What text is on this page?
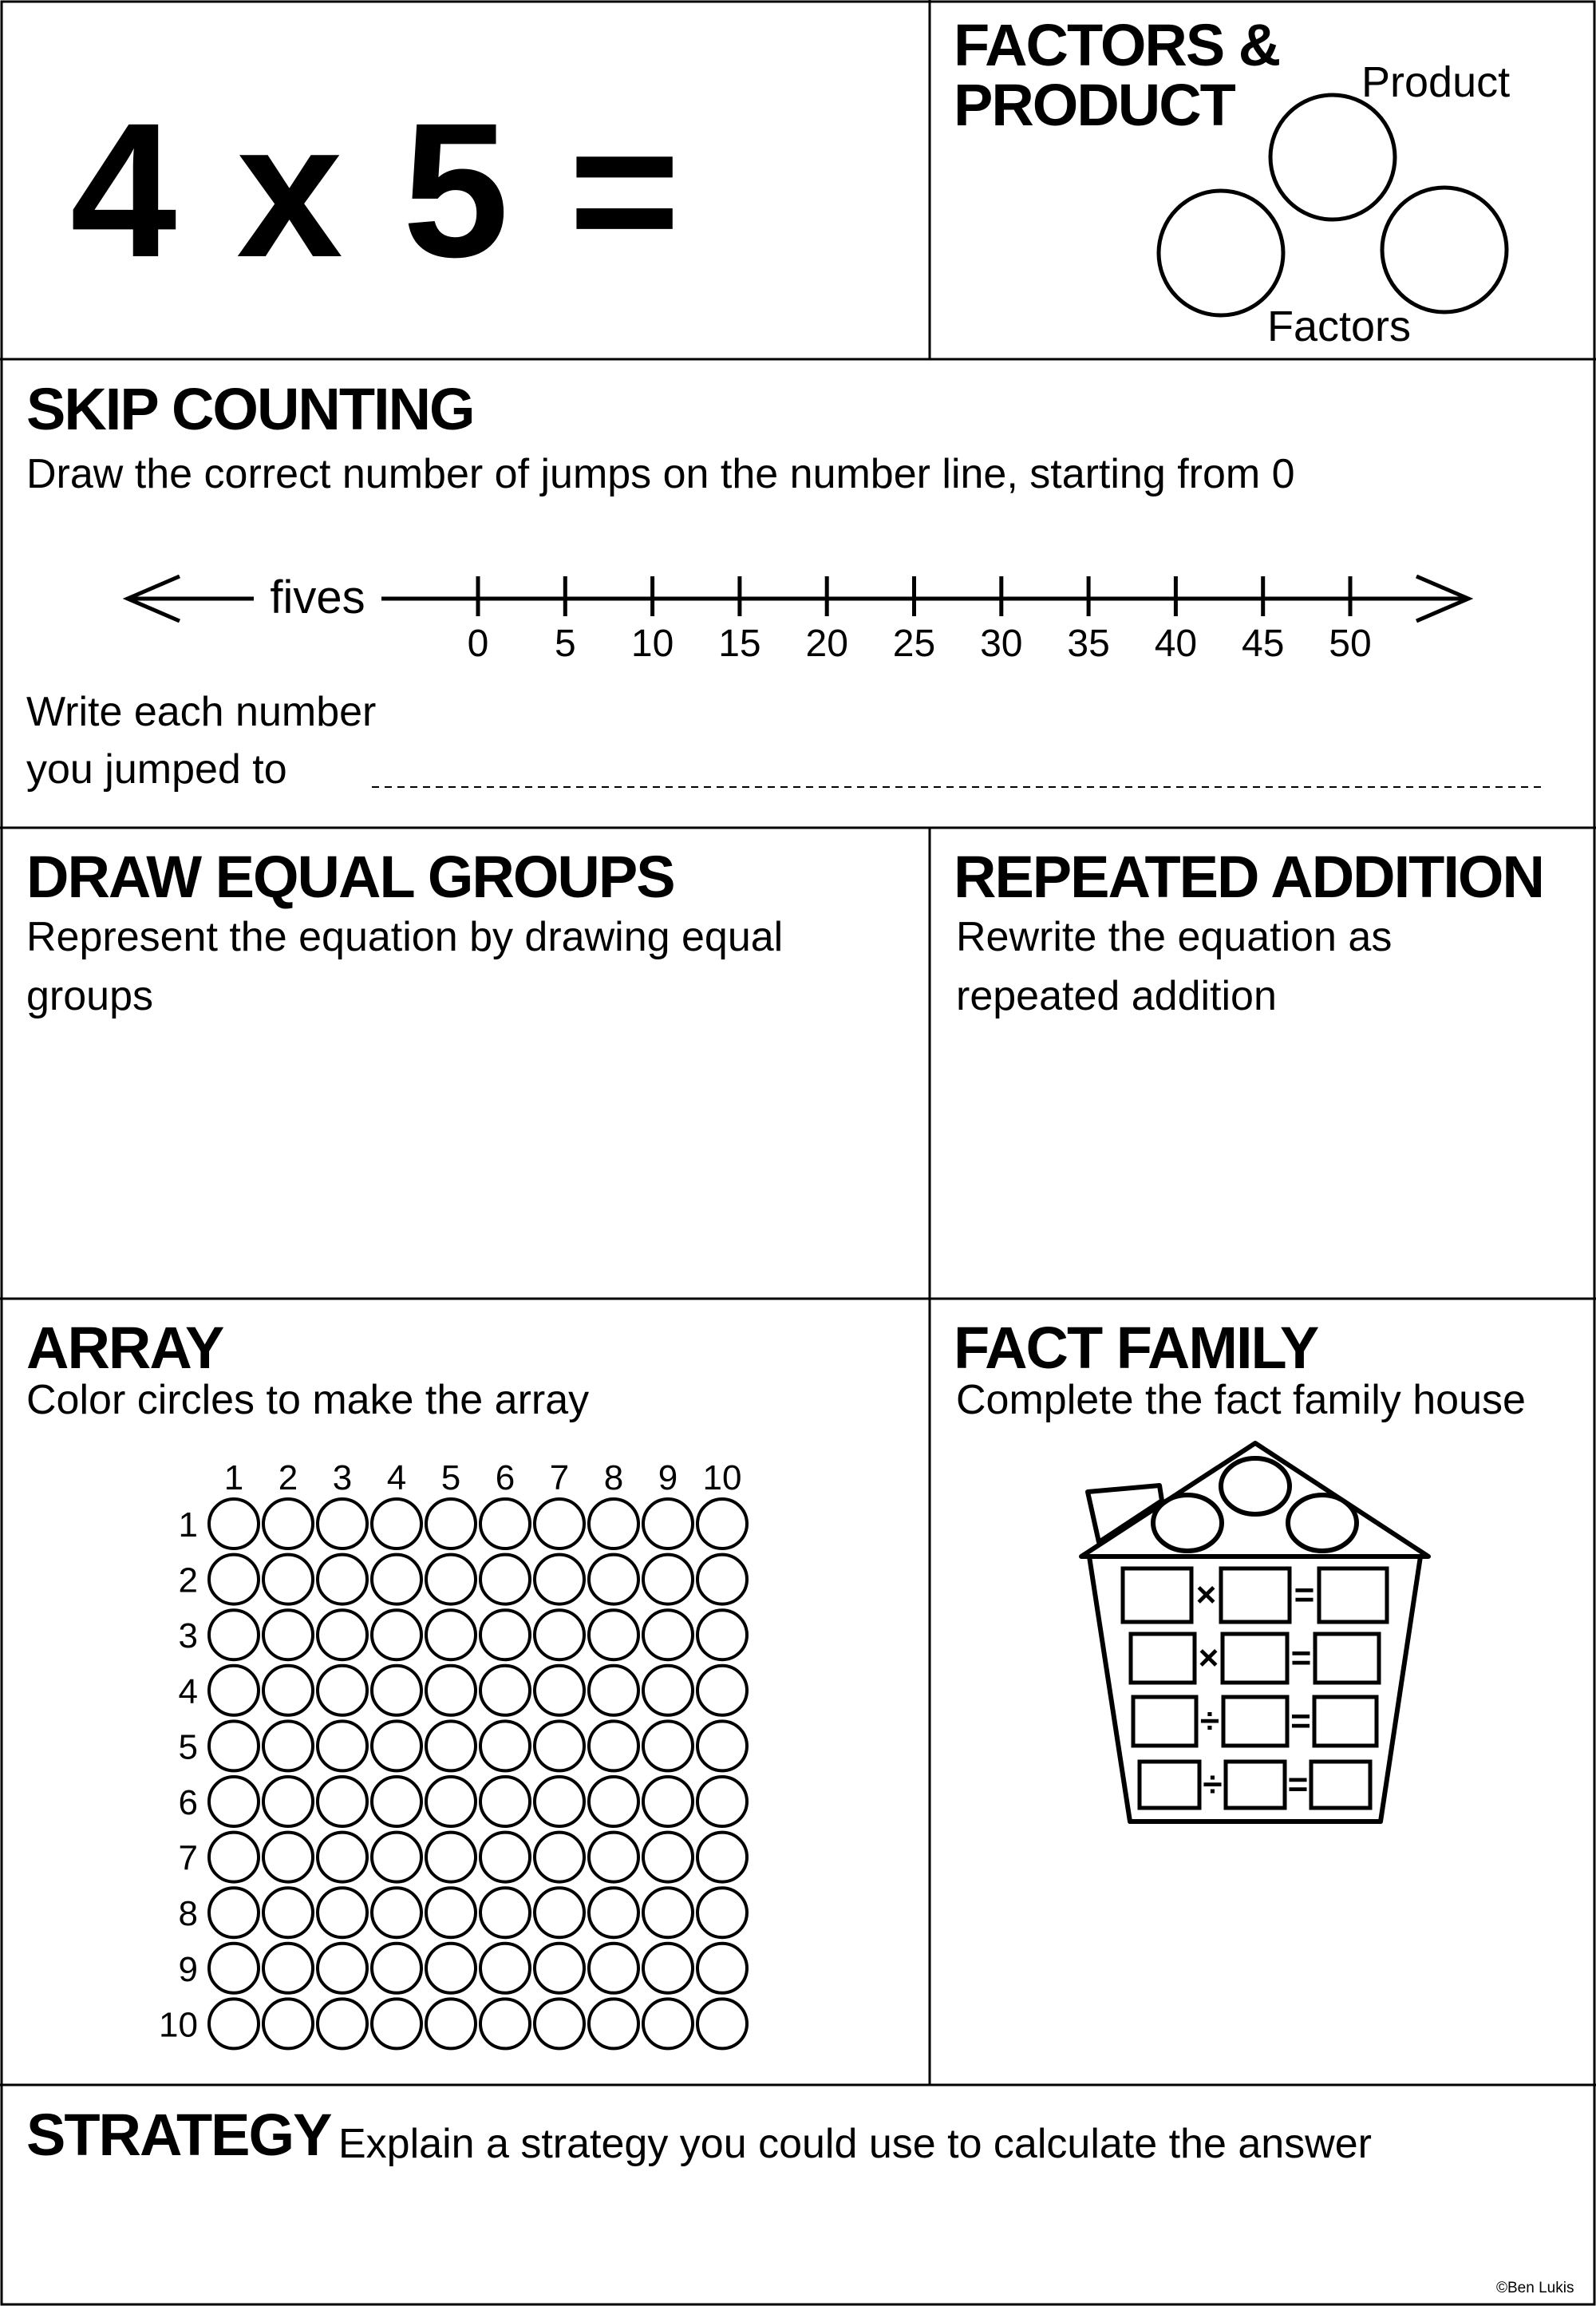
fives
0 5 10 15 20 25 30 35 40 45 50
1 2 3 4 5 6 7 8 9 10
1
2
3
4
5
6
7
8
9
10
× =
× =
÷ =
÷ =
4 x 5 =
FACTORS &
PRODUCT	Product
Factors
SKIP COUNTING
Draw the correct number of jumps on the number line, starting from 0
Write each number
you jumped to
DRAW EQUAL GROUPS
Represent the equation by drawing equal
groups
REPEATED ADDITION
Rewrite the equation as
repeated addition
ARRAY
Color circles to make the array
FACT FAMILY
Complete the fact family house
STRATEGY Explain a strategy you could use to calculate the answer
©Ben Lukis
